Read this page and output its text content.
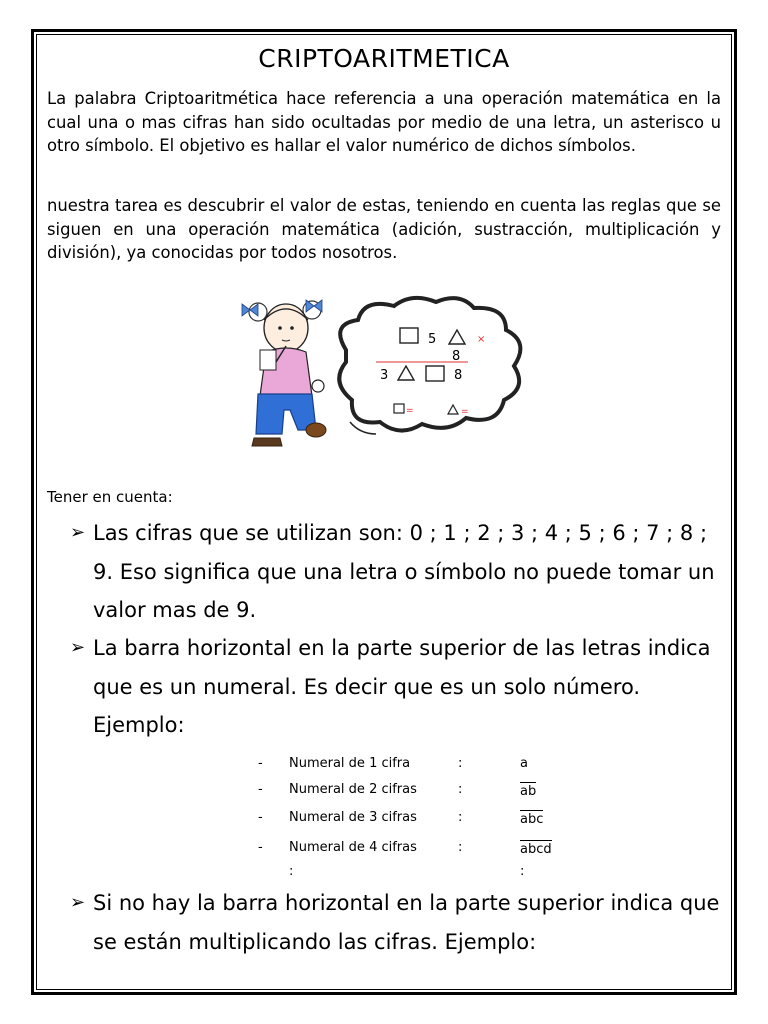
CRIPTOARITMETICA
La palabra Criptoaritmética hace referencia a una operación matemática en la cual una o mas cifras han sido ocultadas por medio de una letra, un asterisco u otro símbolo. El objetivo es hallar el valor numérico de dichos símbolos.
nuestra tarea es descubrir el valor de estas, teniendo en cuenta las reglas que se siguen en una operación matemática (adición, sustracción, multiplicación y división), ya conocidas por todos nosotros.
5	×
8
3	8
=	=
Tener en cuenta:
➢ Las cifras que se utilizan son: 0 ; 1 ; 2 ; 3 ; 4 ; 5 ; 6 ; 7 ; 8 ; 9. Eso significa que una letra o símbolo no puede tomar un valor mas de 9.
➢ La barra horizontal en la parte superior de las letras indica que es un numeral. Es decir que es un solo número. Ejemplo:
- Numeral de 1 cifra	:	a
- Numeral de 2 cifras	:	ab
- Numeral de 3 cifras	:	abc
- Numeral de 4 cifras	:	abcd
:	:
➢ Si no hay la barra horizontal en la parte superior indica que se están multiplicando las cifras. Ejemplo:
